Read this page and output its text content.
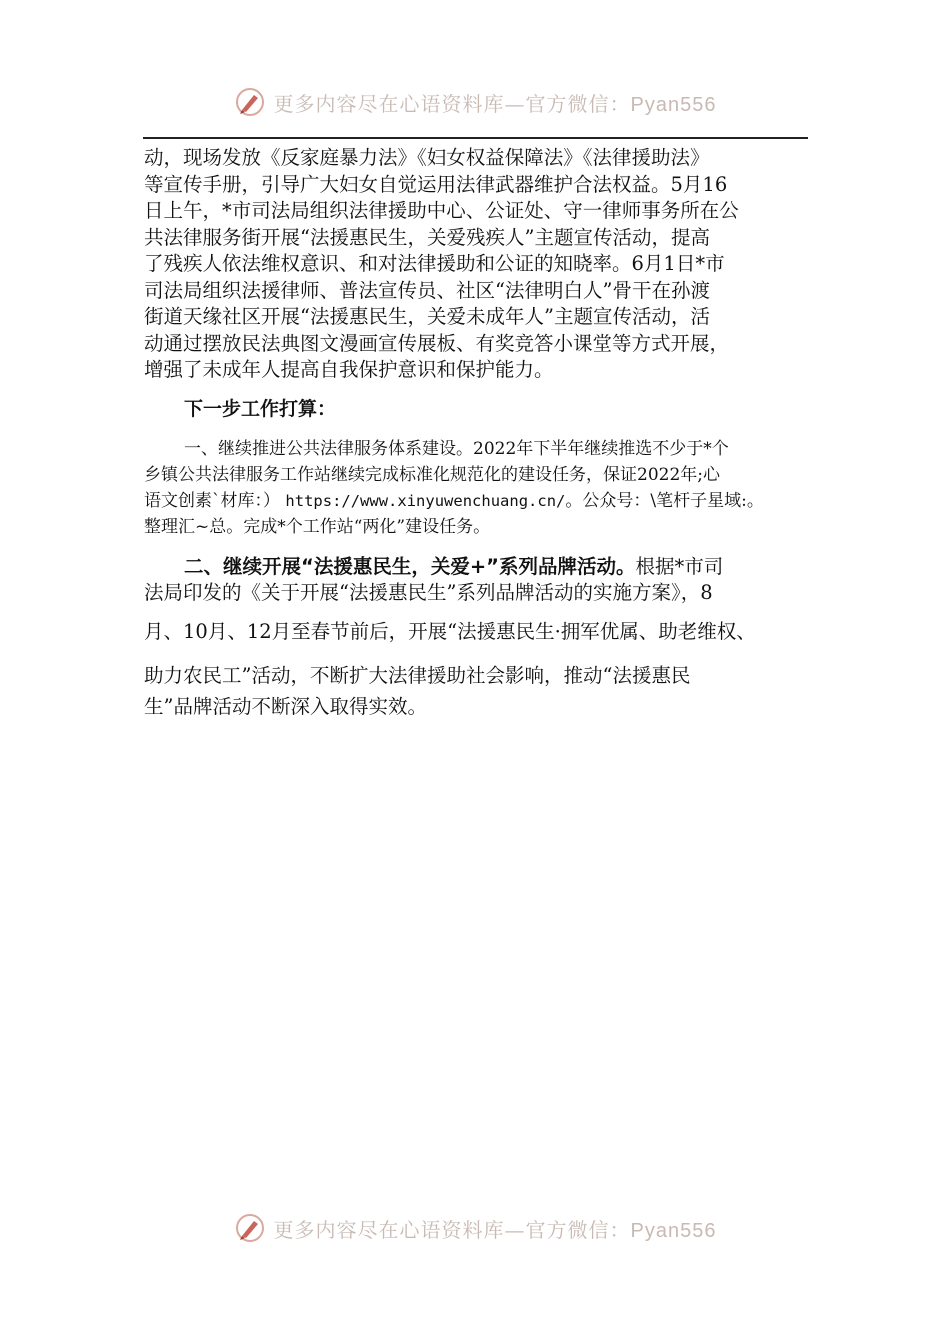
更多内容尽在心语资料库—官方微信：Pyan556

动，现场发放《反家庭暴力法》《妇女权益保障法》《法律援助法》
等宣传手册，引导广大妇女自觉运用法律武器维护合法权益。5月16
日上午，*市司法局组织法律援助中心、公证处、守一律师事务所在公
共法律服务街开展“法援惠民生，关爱残疾人”主题宣传活动，提高
了残疾人依法维权意识、和对法律援助和公证的知晓率。6月1日*市
司法局组织法援律师、普法宣传员、社区“法律明白人”骨干在孙渡
街道天缘社区开展“法援惠民生，关爱未成年人”主题宣传活动，活
动通过摆放民法典图文漫画宣传展板、有奖竞答小课堂等方式开展，
增强了未成年人提高自我保护意识和保护能力。

下一步工作打算：

一、继续推进公共法律服务体系建设。2022年下半年继续推选不少于*个
乡镇公共法律服务工作站继续完成标准化规范化的建设任务，保证2022年;心
语文创素`材库：） https://www.xinyuwenchuang.cn/。公众号：\笔杆子星域:。
整理汇~总。完成*个工作站“两化”建设任务。

二、继续开展“法援惠民生，关爱+”系列品牌活动。根据*市司
法局印发的《关于开展“法援惠民生”系列品牌活动的实施方案》，8
月、10月、12月至春节前后，开展“法援惠民生·拥军优属、助老维权、
助力农民工”活动，不断扩大法律援助社会影响，推动“法援惠民
生”品牌活动不断深入取得实效。
更多内容尽在心语资料库—官方微信：Pyan556
